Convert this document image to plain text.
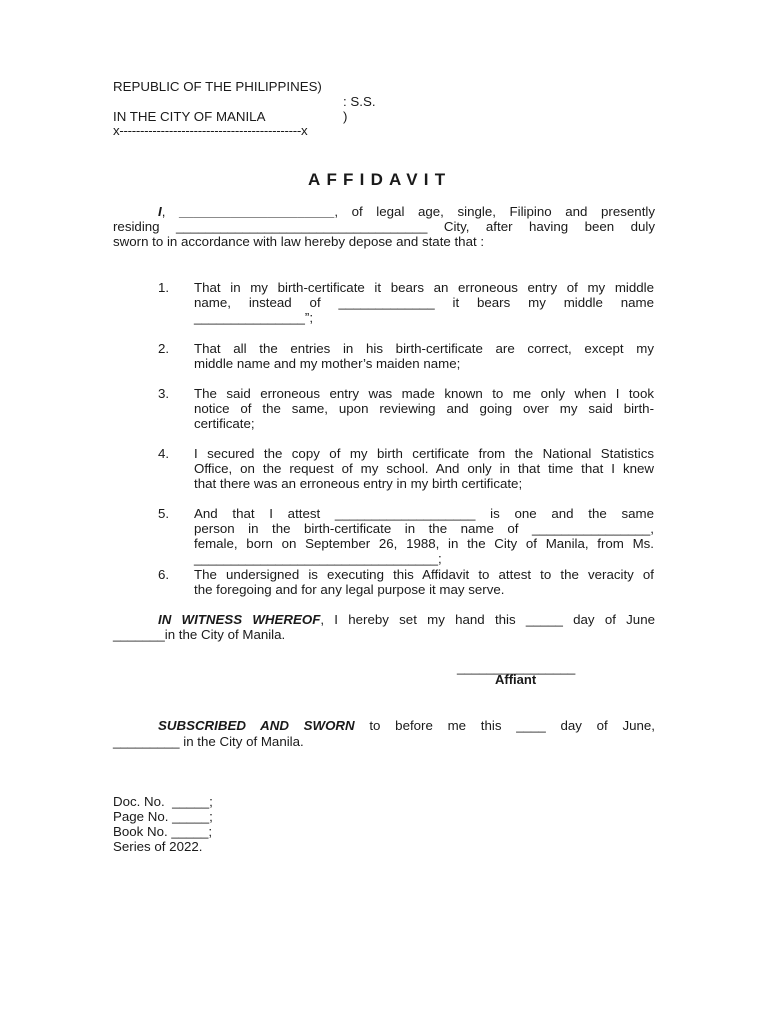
REPUBLIC OF THE PHILIPPINES)
: S.S.
IN THE CITY OF MANILA	)
x--------------------------------------------x
AFFIDAVIT
I, _____________________, of legal age, single, Filipino and presently
residing __________________________________ City, after having been duly
sworn to in accordance with law hereby depose and state that :
1. That in my birth-certificate it bears an erroneous entry of my middle
name, instead of _____________ it bears my middle name
_______________”;
2. That all the entries in his birth-certificate are correct, except my
middle name and my mother’s maiden name;
3. The said erroneous entry was made known to me only when I took
notice of the same, upon reviewing and going over my said birth-
certificate;
4. I secured the copy of my birth certificate from the National Statistics
Office, on the request of my school. And only in that time that I knew
that there was an erroneous entry in my birth certificate;
5. And that I attest ___________________ is one and the same
person in the birth-certificate in the name of ________________,
female, born on September 26, 1988, in the City of Manila, from Ms.
_________________________________;
6. The undersigned is executing this Affidavit to attest to the veracity of
the foregoing and for any legal purpose it may serve.
IN WITNESS WHEREOF, I hereby set my hand this _____ day of June
_______in the City of Manila.
________________
Affiant
SUBSCRIBED AND SWORN to before me this ____ day of June,
_________ in the City of Manila.
Doc. No.  _____;
Page No. _____;
Book No. _____;
Series of 2022.
